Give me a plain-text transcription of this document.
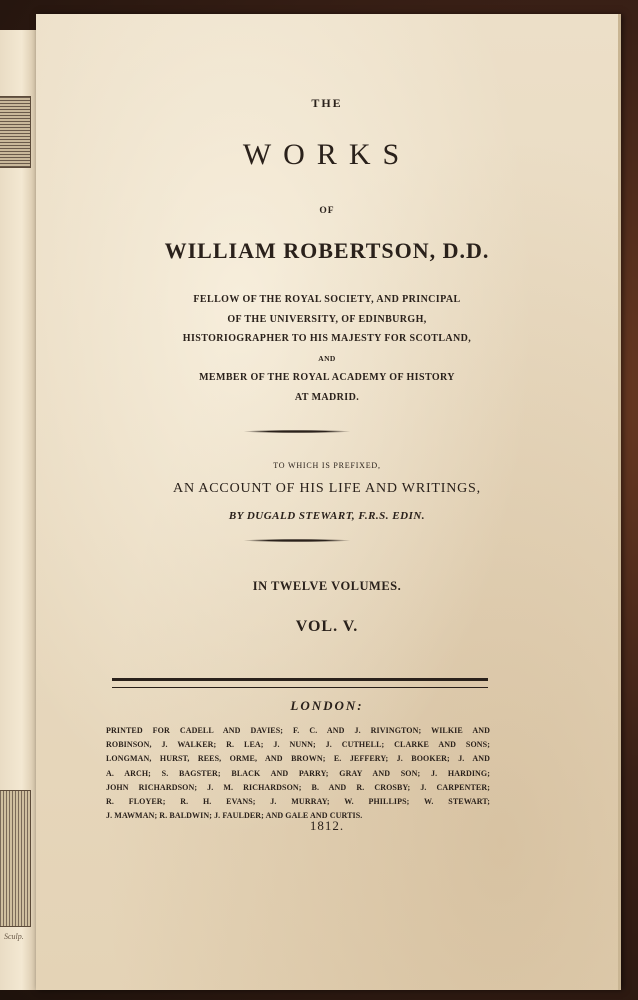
Sculp.
THE
WORKS
OF
WILLIAM ROBERTSON, D.D.
FELLOW OF THE ROYAL SOCIETY, AND PRINCIPAL
OF THE UNIVERSITY, OF EDINBURGH,
HISTORIOGRAPHER TO HIS MAJESTY FOR SCOTLAND,
AND
MEMBER OF THE ROYAL ACADEMY OF HISTORY
AT MADRID.
TO WHICH IS PREFIXED,
AN ACCOUNT OF HIS LIFE AND WRITINGS,
BY DUGALD STEWART, F.R.S. EDIN.
IN TWELVE VOLUMES.
VOL. V.
LONDON:
PRINTED FOR CADELL AND DAVIES; F. C. AND J. RIVINGTON; WILKIE AND
ROBINSON, J. WALKER; R. LEA; J. NUNN; J. CUTHELL; CLARKE AND SONS;
LONGMAN, HURST, REES, ORME, AND BROWN; E. JEFFERY; J. BOOKER; J. AND
A. ARCH; S. BAGSTER; BLACK AND PARRY; GRAY AND SON; J. HARDING;
JOHN RICHARDSON; J. M. RICHARDSON; B. AND R. CROSBY; J. CARPENTER;
R. FLOYER; R. H. EVANS; J. MURRAY; W. PHILLIPS; W. STEWART;
J. MAWMAN; R. BALDWIN; J. FAULDER; AND GALE AND CURTIS.
1812.
